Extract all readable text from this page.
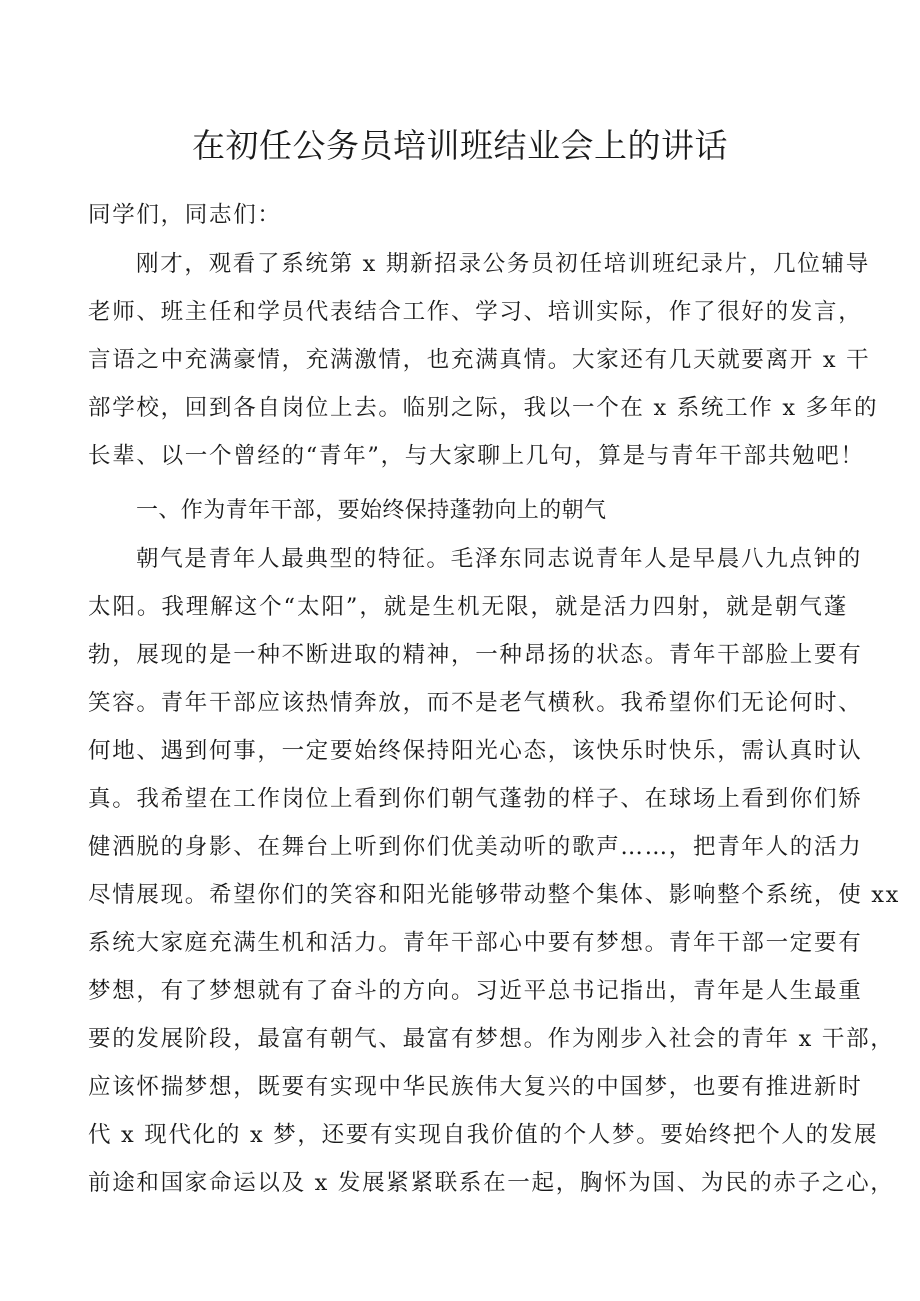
在初任公务员培训班结业会上的讲话
同学们，同志们：
刚才，观看了系统第 x 期新招录公务员初任培训班纪录片，几位辅导
老师、班主任和学员代表结合工作、学习、培训实际，作了很好的发言，
言语之中充满豪情，充满激情，也充满真情。大家还有几天就要离开 x 干
部学校，回到各自岗位上去。临别之际，我以一个在 x 系统工作 x 多年的
长辈、以一个曾经的“青年”，与大家聊上几句，算是与青年干部共勉吧！
一、作为青年干部，要始终保持蓬勃向上的朝气
朝气是青年人最典型的特征。毛泽东同志说青年人是早晨八九点钟的
太阳。我理解这个“太阳”，就是生机无限，就是活力四射，就是朝气蓬
勃，展现的是一种不断进取的精神，一种昂扬的状态。青年干部脸上要有
笑容。青年干部应该热情奔放，而不是老气横秋。我希望你们无论何时、
何地、遇到何事，一定要始终保持阳光心态，该快乐时快乐，需认真时认
真。我希望在工作岗位上看到你们朝气蓬勃的样子、在球场上看到你们矫
健洒脱的身影、在舞台上听到你们优美动听的歌声……，把青年人的活力
尽情展现。希望你们的笑容和阳光能够带动整个集体、影响整个系统，使 xx
系统大家庭充满生机和活力。青年干部心中要有梦想。青年干部一定要有
梦想，有了梦想就有了奋斗的方向。习近平总书记指出，青年是人生最重
要的发展阶段，最富有朝气、最富有梦想。作为刚步入社会的青年 x 干部，
应该怀揣梦想，既要有实现中华民族伟大复兴的中国梦，也要有推进新时
代 x 现代化的 x 梦，还要有实现自我价值的个人梦。要始终把个人的发展
前途和国家命运以及 x 发展紧紧联系在一起，胸怀为国、为民的赤子之心，
